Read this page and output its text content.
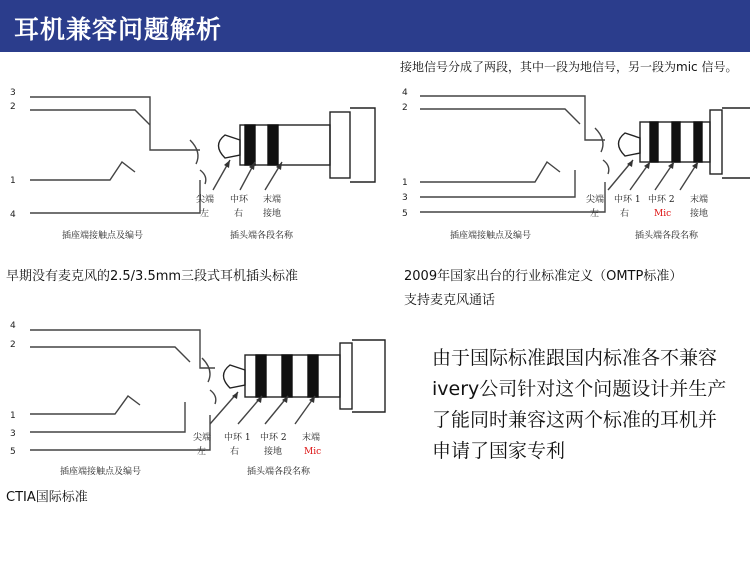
耳机兼容问题解析
接地信号分成了两段，其中一段为地信号，另一段为mic 信号。
3
2
1
4
尖端
左
中环
右
末端
接地
插座端接触点及编号	插头端各段名称
4
2
1
3
5
尖端
左
中环 1
右
中环 2
Mic
末端
接地
插座端接触点及编号	插头端各段名称
4
2
1
3
5
尖端
左
中环 1
右
中环 2
接地
末端
Mic
插座端接触点及编号	插头端各段名称
早期没有麦克风的2.5/3.5mm三段式耳机插头标准	2009年国家出台的行业标准定义（OMTP标准）
支持麦克风通话
CTIA国际标准
由于国际标准跟国内标准各不兼容
ivery公司针对这个问题设计并生产
了能同时兼容这两个标准的耳机并
申请了国家专利
